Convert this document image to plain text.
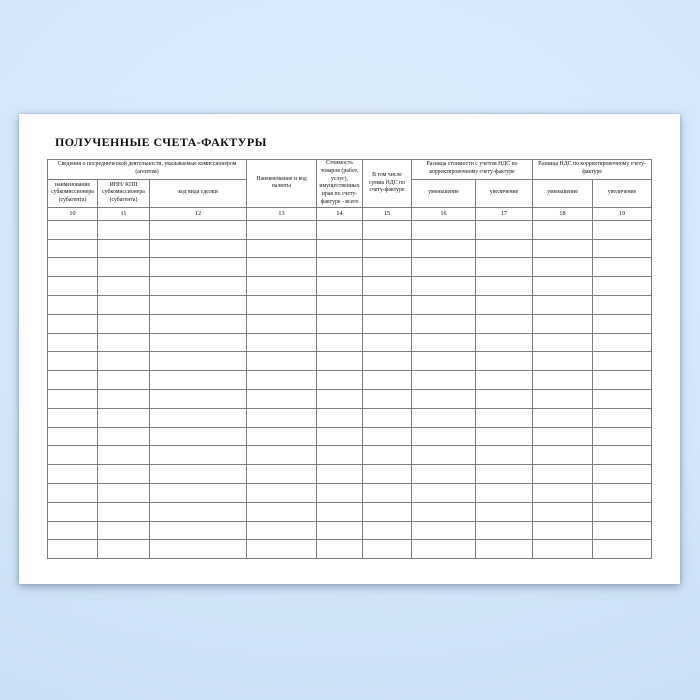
ПОЛУЧЕННЫЕ СЧЕТА-ФАКТУРЫ
Сведения о посреднической деятельности, указываемые комиссионером (агентом)			Наименование и код валюты	Стоимость товаров (работ, услуг), имущественных прав по счету-фактуре - всего	В том числе сумма НДС по счету-фактуре	Разница стоимости с учетом НДС по корректировочному счету-фактуре		Разница НДС по корректировочному счету-фактуре	
наименование субкомиссионера (субагента)	ИНН/ КПП субкомиссионера (субагента)	код вида сделки				уменьшение	увеличение	уменьшение	увеличение
10	11	12	13	14	15	16	17	18	19
